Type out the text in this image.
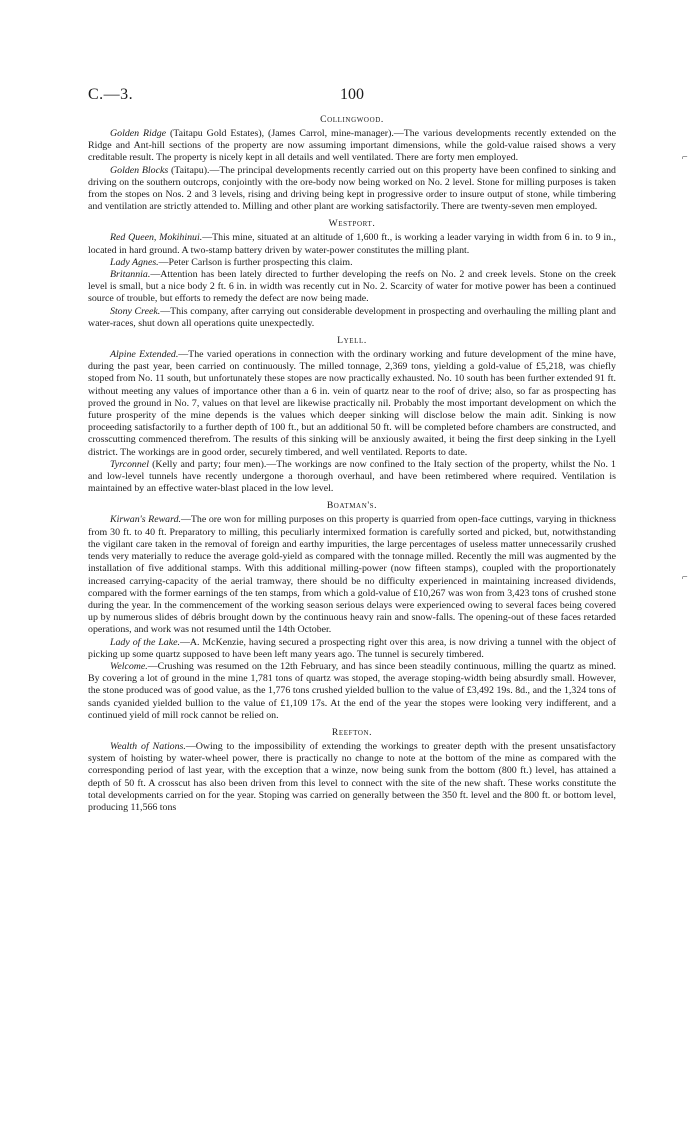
C.—3.	100
Collingwood.

Golden Ridge (Taitapu Gold Estates), (James Carrol, mine-manager).—The various developments recently extended on the Ridge and Ant-hill sections of the property are now assuming important dimensions, while the gold-value raised shows a very creditable result. The property is nicely kept in all details and well ventilated. There are forty men employed.

Golden Blocks (Taitapu).—The principal developments recently carried out on this property have been confined to sinking and driving on the southern outcrops, conjointly with the ore-body now being worked on No. 2 level. Stone for milling purposes is taken from the stopes on Nos. 2 and 3 levels, rising and driving being kept in progressive order to insure output of stone, while timbering and ventilation are strictly attended to. Milling and other plant are working satisfactorily. There are twenty-seven men employed.

Westport.

Red Queen, Mokihinui.—This mine, situated at an altitude of 1,600 ft., is working a leader varying in width from 6 in. to 9 in., located in hard ground. A two-stamp battery driven by water-power constitutes the milling plant.

Lady Agnes.—Peter Carlson is further prospecting this claim.

Britannia.—Attention has been lately directed to further developing the reefs on No. 2 and creek levels. Stone on the creek level is small, but a nice body 2 ft. 6 in. in width was recently cut in No. 2. Scarcity of water for motive power has been a continued source of trouble, but efforts to remedy the defect are now being made.

Stony Creek.—This company, after carrying out considerable development in prospecting and overhauling the milling plant and water-races, shut down all operations quite unexpectedly.

Lyell.

Alpine Extended.—The varied operations in connection with the ordinary working and future development of the mine have, during the past year, been carried on continuously. The milled tonnage, 2,369 tons, yielding a gold-value of £5,218, was chiefly stoped from No. 11 south, but unfortunately these stopes are now practically exhausted. No. 10 south has been further extended 91 ft. without meeting any values of importance other than a 6 in. vein of quartz near to the roof of drive; also, so far as prospecting has proved the ground in No. 7, values on that level are likewise practically nil. Probably the most important development on which the future prosperity of the mine depends is the values which deeper sinking will disclose below the main adit. Sinking is now proceeding satisfactorily to a further depth of 100 ft., but an additional 50 ft. will be completed before chambers are constructed, and crosscutting commenced therefrom. The results of this sinking will be anxiously awaited, it being the first deep sinking in the Lyell district. The workings are in good order, securely timbered, and well ventilated. Reports to date.

Tyrconnel (Kelly and party; four men).—The workings are now confined to the Italy section of the property, whilst the No. 1 and low-level tunnels have recently undergone a thorough overhaul, and have been retimbered where required. Ventilation is maintained by an effective water-blast placed in the low level.

Boatman's.

Kirwan's Reward.—The ore won for milling purposes on this property is quarried from open-face cuttings, varying in thickness from 30 ft. to 40 ft. Preparatory to milling, this peculiarly intermixed formation is carefully sorted and picked, but, notwithstanding the vigilant care taken in the removal of foreign and earthy impurities, the large percentages of useless matter unnecessarily crushed tends very materially to reduce the average gold-yield as compared with the tonnage milled. Recently the mill was augmented by the installation of five additional stamps. With this additional milling-power (now fifteen stamps), coupled with the proportionately increased carrying-capacity of the aerial tramway, there should be no difficulty experienced in maintaining increased dividends, compared with the former earnings of the ten stamps, from which a gold-value of £10,267 was won from 3,423 tons of crushed stone during the year. In the commencement of the working season serious delays were experienced owing to several faces being covered up by numerous slides of débris brought down by the continuous heavy rain and snow-falls. The opening-out of these faces retarded operations, and work was not resumed until the 14th October.

Lady of the Lake.—A. McKenzie, having secured a prospecting right over this area, is now driving a tunnel with the object of picking up some quartz supposed to have been left many years ago. The tunnel is securely timbered.

Welcome.—Crushing was resumed on the 12th February, and has since been steadily continuous, milling the quartz as mined. By covering a lot of ground in the mine 1,781 tons of quartz was stoped, the average stoping-width being absurdly small. However, the stone produced was of good value, as the 1,776 tons crushed yielded bullion to the value of £3,492 19s. 8d., and the 1,324 tons of sands cyanided yielded bullion to the value of £1,109 17s. At the end of the year the stopes were looking very indifferent, and a continued yield of mill rock cannot be relied on.

Reefton.

Wealth of Nations.—Owing to the impossibility of extending the workings to greater depth with the present unsatisfactory system of hoisting by water-wheel power, there is practically no change to note at the bottom of the mine as compared with the corresponding period of last year, with the exception that a winze, now being sunk from the bottom (800 ft.) level, has attained a depth of 50 ft. A crosscut has also been driven from this level to connect with the site of the new shaft. These works constitute the total developments carried on for the year. Stoping was carried on generally between the 350 ft. level and the 800 ft. or bottom level, producing 11,566 tons

⌐
⌐
